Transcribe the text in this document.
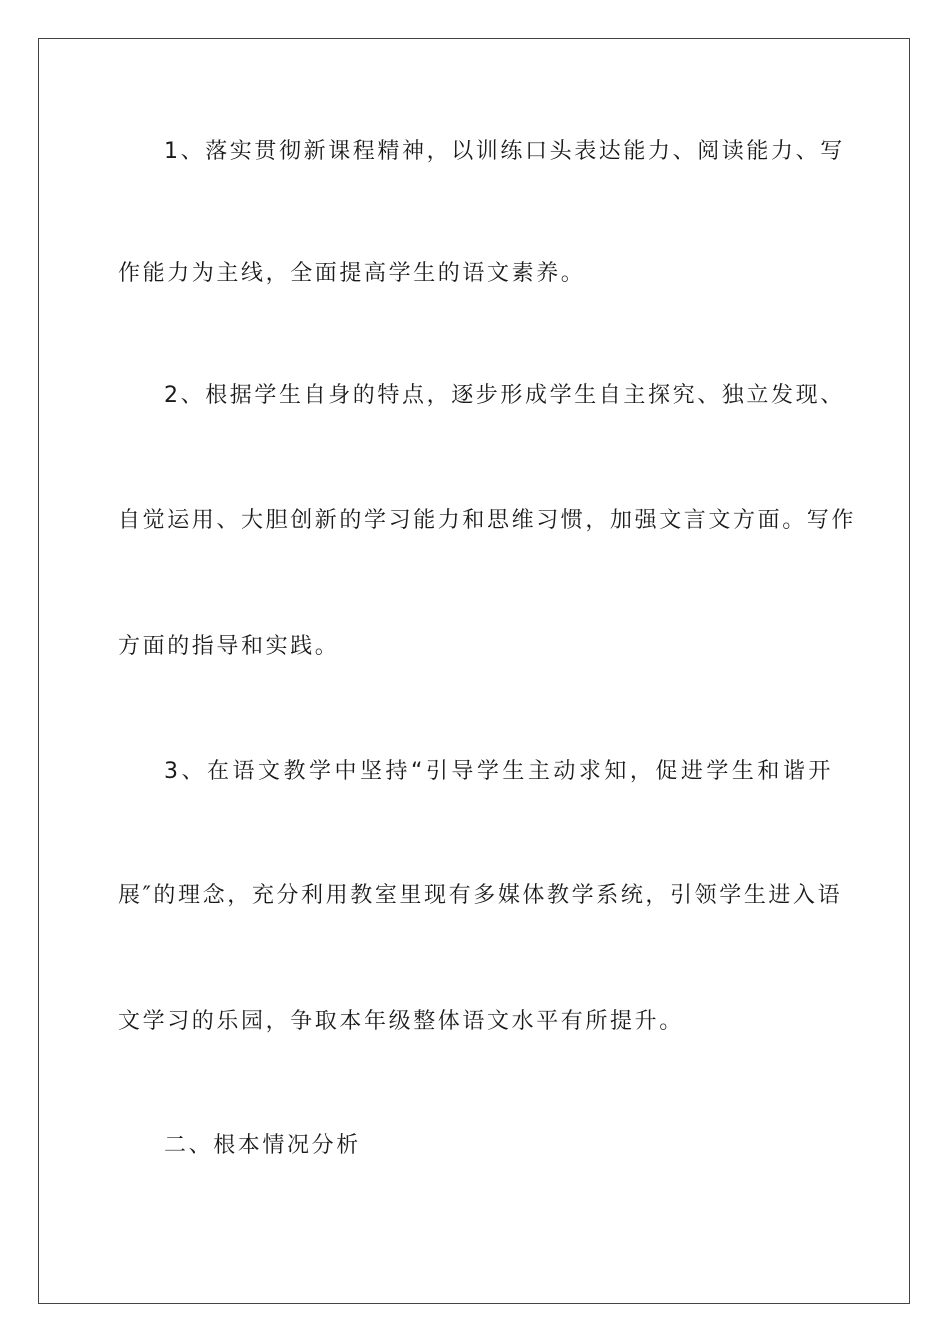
1、落实贯彻新课程精神，以训练口头表达能力、阅读能力、写
作能力为主线，全面提高学生的语文素养。
2、根据学生自身的特点，逐步形成学生自主探究、独立发现、
自觉运用、大胆创新的学习能力和思维习惯，加强文言文方面。写作
方面的指导和实践。
3、在语文教学中坚持“引导学生主动求知，促进学生和谐开
展″的理念，充分利用教室里现有多媒体教学系统，引领学生进入语
文学习的乐园，争取本年级整体语文水平有所提升。
二、根本情况分析
